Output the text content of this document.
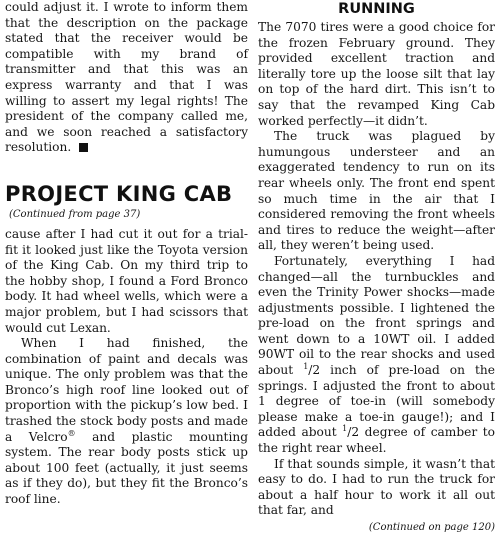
could adjust it. I wrote to inform them that the description on the package stated that the receiver would be compatible with my brand of transmitter and that this was an express warranty and that I was willing to assert my legal rights! The president of the company called me, and we soon reached a satisfactory resolution.

PROJECT KING CAB
(Continued from page 37)

cause after I had cut it out for a trial-fit it looked just like the Toyota version of the King Cab. On my third trip to the hobby shop, I found a Ford Bronco body. It had wheel wells, which were a major problem, but I had scissors that would cut Lexan.

When I had finished, the combination of paint and decals was unique. The only problem was that the Bronco’s high roof line looked out of proportion with the pickup’s low bed. I trashed the stock body posts and made a Velcro® and plastic mounting system. The rear body posts stick up about 100 feet (actually, it just seems as if they do), but they fit the Bronco’s roof line.

RUNNING

The 7070 tires were a good choice for the frozen February ground. They provided excellent traction and literally tore up the loose silt that lay on top of the hard dirt. This isn’t to say that the revamped King Cab worked perfectly—it didn’t.

The truck was plagued by humungous understeer and an exaggerated tendency to run on its rear wheels only. The front end spent so much time in the air that I considered removing the front wheels and tires to reduce the weight—after all, they weren’t being used.

Fortunately, everything I had changed—all the turnbuckles and even the Trinity Power shocks—made adjustments possible. I lightened the pre-load on the front springs and went down to a 10WT oil. I added 90WT oil to the rear shocks and used about $^1$/2 inch of pre-load on the springs. I adjusted the front to about 1 degree of toe-in (will somebody please make a toe-in gauge!); and I added about $^1$/2 degree of camber to the right rear wheel.

If that sounds simple, it wasn’t that easy to do. I had to run the truck for about a half hour to work it all out that far, and

(Continued on page 120)
